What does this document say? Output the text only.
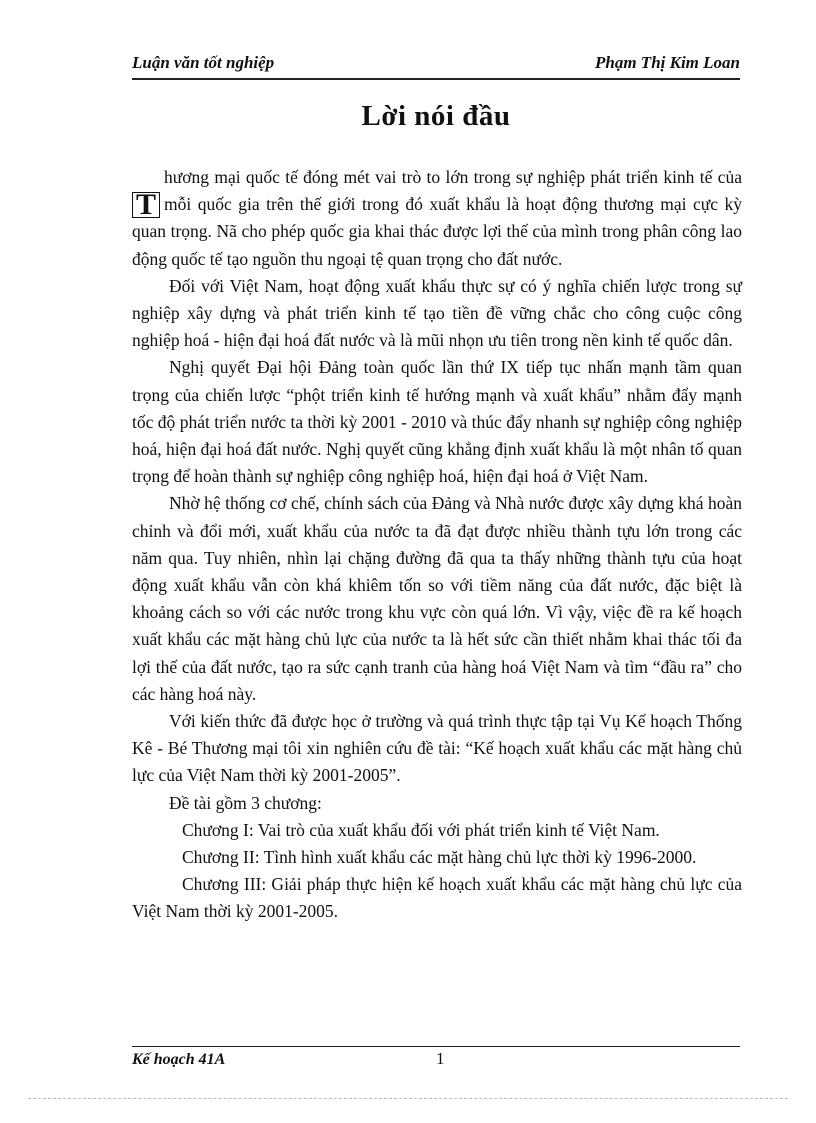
Luận văn tốt nghiệp	Phạm Thị Kim Loan
Lời nói đầu

T
hương mại quốc tế đóng mét vai trò to lớn trong sự nghiệp phát triển kinh tế của mỗi quốc gia trên thế giới trong đó xuất khẩu là hoạt động thương mại cực kỳ quan trọng. Nã cho phép quốc gia khai thác được lợi thế của mình trong phân công lao động quốc tế tạo nguồn thu ngoại tệ quan trọng cho đất nước.

Đối với Việt Nam, hoạt động xuất khẩu thực sự có ý nghĩa chiến lược trong sự nghiệp xây dựng và phát triển kinh tế tạo tiền đề vững chắc cho công cuộc công nghiệp hoá - hiện đại hoá đất nước và là mũi nhọn ưu tiên trong nền kinh tế quốc dân.

Nghị quyết Đại hội Đảng toàn quốc lần thứ IX tiếp tục nhấn mạnh tầm quan trọng của chiến lược “phột triển kinh tế hướng mạnh và xuất khẩu” nhằm đẩy mạnh tốc độ phát triển nước ta thời kỳ 2001 - 2010 và thúc đẩy nhanh sự nghiệp công nghiệp hoá, hiện đại hoá đất nước. Nghị quyết cũng khẳng định xuất khẩu là một nhân tố quan trọng để hoàn thành sự nghiệp công nghiệp hoá, hiện đại hoá ở Việt Nam.

Nhờ hệ thống cơ chế, chính sách của Đảng và Nhà nước được xây dựng khá hoàn chỉnh và đổi mới, xuất khẩu của nước ta đã đạt được nhiều thành tựu lớn trong các năm qua. Tuy nhiên, nhìn lại chặng đường đã qua ta thấy những thành tựu của hoạt động xuất khẩu vẫn còn khá khiêm tốn so với tiềm năng của đất nước, đặc biệt là khoảng cách so với các nước trong khu vực còn quá lớn. Vì vậy, việc đề ra kế hoạch xuất khẩu các mặt hàng chủ lực của nước ta là hết sức cần thiết nhằm khai thác tối đa lợi thế của đất nước, tạo ra sức cạnh tranh của hàng hoá Việt Nam và tìm “đầu ra” cho các hàng hoá này.

Với kiến thức đã được học ở trường và quá trình thực tập tại Vụ Kế hoạch Thống Kê - Bé Thương mại tôi xin nghiên cứu đề tài: “Kế hoạch xuất khẩu các mặt hàng chủ lực của Việt Nam thời kỳ 2001-2005”.

Đề tài gồm 3 chương:

Chương I: Vai trò của xuất khẩu đối với phát triển kinh tế Việt Nam.

Chương II: Tình hình xuất khẩu các mặt hàng chủ lực thời kỳ 1996-2000.

Chương III: Giải pháp thực hiện kế hoạch xuất khẩu các mặt hàng chủ lực của Việt Nam thời kỳ 2001-2005.

Kế hoạch 41A	1
